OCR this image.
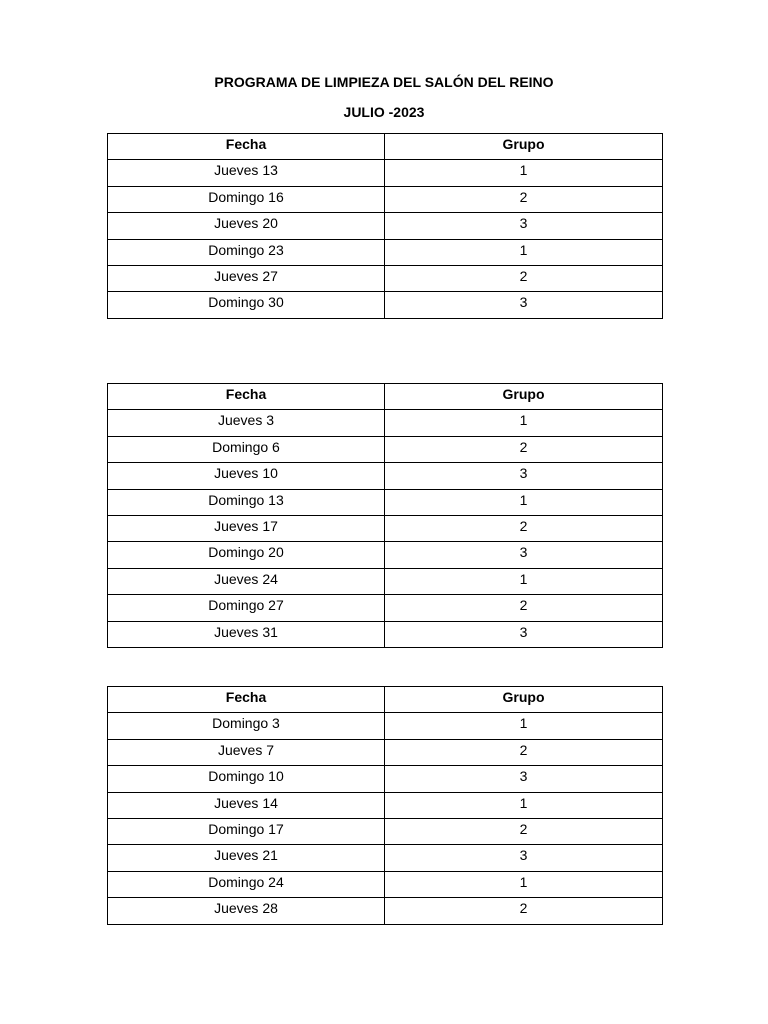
PROGRAMA DE LIMPIEZA DEL SALÓN DEL REINO
JULIO -2023
Fecha	Grupo
Jueves 13	1
Domingo 16	2
Jueves 20	3
Domingo 23	1
Jueves 27	2
Domingo 30	3
Fecha	Grupo
Jueves 3	1
Domingo 6	2
Jueves 10	3
Domingo 13	1
Jueves 17	2
Domingo 20	3
Jueves 24	1
Domingo 27	2
Jueves 31	3
Fecha	Grupo
Domingo 3	1
Jueves 7	2
Domingo 10	3
Jueves 14	1
Domingo 17	2
Jueves 21	3
Domingo 24	1
Jueves 28	2
